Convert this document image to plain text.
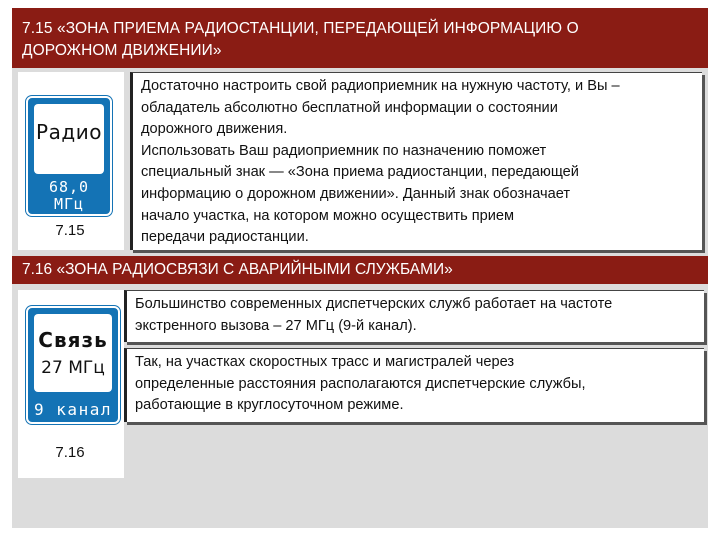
7.15 «ЗОНА ПРИЕМА РАДИОСТАНЦИИ, ПЕРЕДАЮЩЕЙ ИНФОРМАЦИЮ О
ДОРОЖНОМ ДВИЖЕНИИ»
Радио
68,0
МГц
7.15
Достаточно настроить свой радиоприемник на нужную частоту, и Вы –
обладатель абсолютно бесплатной информации о состоянии
дорожного движения.
Использовать Ваш радиоприемник по назначению поможет
специальный знак — «Зона приема радиостанции, передающей
информацию о дорожном движении». Данный знак обозначает
начало участка, на котором можно осуществить прием
передачи радиостанции.
7.16 «ЗОНА РАДИОСВЯЗИ С АВАРИЙНЫМИ СЛУЖБАМИ»
Связь
27 МГц
9 канал
7.16
Большинство современных диспетчерских служб работает на частоте
экстренного вызова – 27 МГц (9-й канал).
Так, на участках скоростных трасс и магистралей через
определенные расстояния располагаются диспетчерские службы,
работающие в круглосуточном режиме.
